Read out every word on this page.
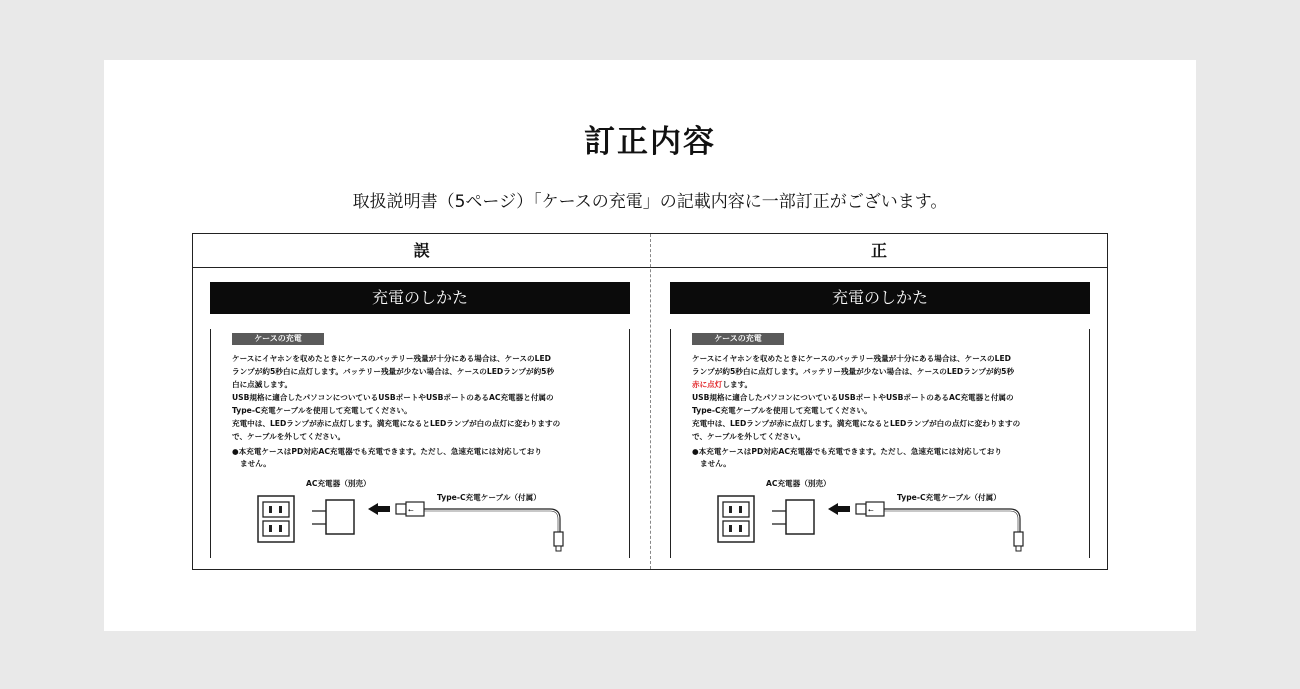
訂正内容
取扱説明書（5ページ）「ケースの充電」の記載内容に一部訂正がございます。
誤	正
充電のしかた
ケースの充電
ケースにイヤホンを収めたときにケースのバッテリー残量が十分にある場合は、ケースのLED
ランプが約5秒白に点灯します。バッテリー残量が少ない場合は、ケースのLEDランプが約5秒
白に点滅します。
USB規格に適合したパソコンについているUSBポートやUSBポートのあるAC充電器と付属の
Type-C充電ケーブルを使用して充電してください。
充電中は、LEDランプが赤に点灯します。満充電になるとLEDランプが白の点灯に変わりますの
で、ケーブルを外してください。
●本充電ケースはPD対応AC充電器でも充電できます。ただし、急速充電には対応しており
ません。
⭠
AC充電器（別売）
Type-C充電ケーブル（付属）
充電のしかた
ケースの充電
ケースにイヤホンを収めたときにケースのバッテリー残量が十分にある場合は、ケースのLED
ランプが約5秒白に点灯します。バッテリー残量が少ない場合は、ケースのLEDランプが約5秒
赤に点灯します。
USB規格に適合したパソコンについているUSBポートやUSBポートのあるAC充電器と付属の
Type-C充電ケーブルを使用して充電してください。
充電中は、LEDランプが赤に点灯します。満充電になるとLEDランプが白の点灯に変わりますの
で、ケーブルを外してください。
●本充電ケースはPD対応AC充電器でも充電できます。ただし、急速充電には対応しており
ません。
⭠
AC充電器（別売）
Type-C充電ケーブル（付属）
